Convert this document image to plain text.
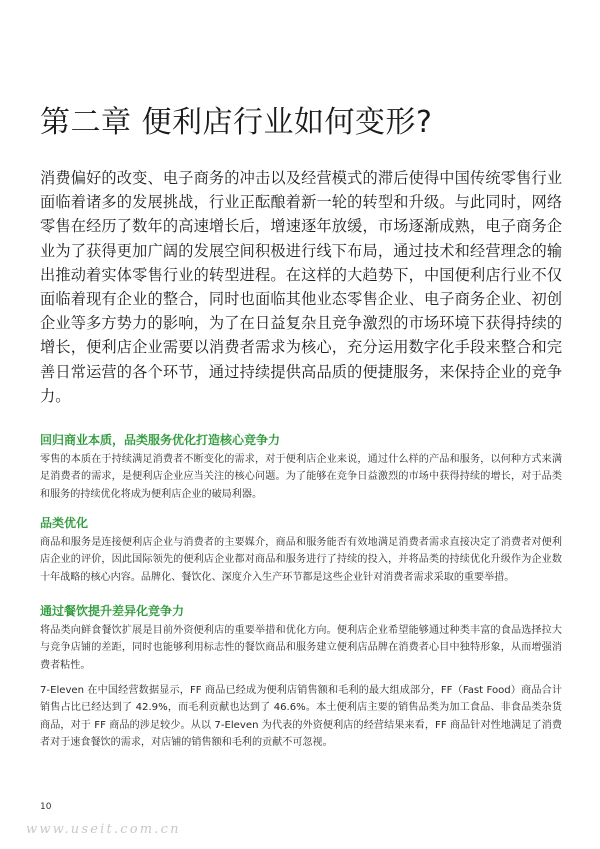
第二章 便利店行业如何变形?

消费偏好的改变、电子商务的冲击以及经营模式的滞后使得中国传统零售行业面临着诸多的发展挑战，行业正酝酿着新一轮的转型和升级。与此同时，网络零售在经历了数年的高速增长后，增速逐年放缓，市场逐渐成熟，电子商务企业为了获得更加广阔的发展空间积极进行线下布局，通过技术和经营理念的输出推动着实体零售行业的转型进程。在这样的大趋势下，中国便利店行业不仅面临着现有企业的整合，同时也面临其他业态零售企业、电子商务企业、初创企业等多方势力的影响，为了在日益复杂且竞争激烈的市场环境下获得持续的增长，便利店企业需要以消费者需求为核心，充分运用数字化手段来整合和完善日常运营的各个环节，通过持续提供高品质的便捷服务，来保持企业的竞争力。

回归商业本质，品类服务优化打造核心竞争力

零售的本质在于持续满足消费者不断变化的需求，对于便利店企业来说，通过什么样的产品和服务，以何种方式来满足消费者的需求，是便利店企业应当关注的核心问题。为了能够在竞争日益激烈的市场中获得持续的增长，对于品类和服务的持续优化将成为便利店企业的破局利器。

品类优化

商品和服务是连接便利店企业与消费者的主要媒介，商品和服务能否有效地满足消费者需求直接决定了消费者对便利店企业的评价，因此国际领先的便利店企业都对商品和服务进行了持续的投入，并将品类的持续优化升级作为企业数十年战略的核心内容。品牌化、餐饮化、深度介入生产环节都是这些企业针对消费者需求采取的重要举措。

通过餐饮提升差异化竞争力

将品类向鲜食餐饮扩展是目前外资便利店的重要举措和优化方向。便利店企业希望能够通过种类丰富的食品选择拉大与竞争店铺的差距，同时也能够利用标志性的餐饮商品和服务建立便利店品牌在消费者心目中独特形象，从而增强消费者粘性。

7-Eleven 在中国经营数据显示，FF 商品已经成为便利店销售额和毛利的最大组成部分，FF（Fast Food）商品合计销售占比已经达到了 42.9%，而毛利贡献也达到了 46.6%。本土便利店主要的销售品类为加工食品、非食品类杂货商品，对于 FF 商品的涉足较少。从以 7-Eleven 为代表的外资便利店的经营结果来看，FF 商品针对性地满足了消费者对于速食餐饮的需求，对店铺的销售额和毛利的贡献不可忽视。

10
www.useit.com.cn
